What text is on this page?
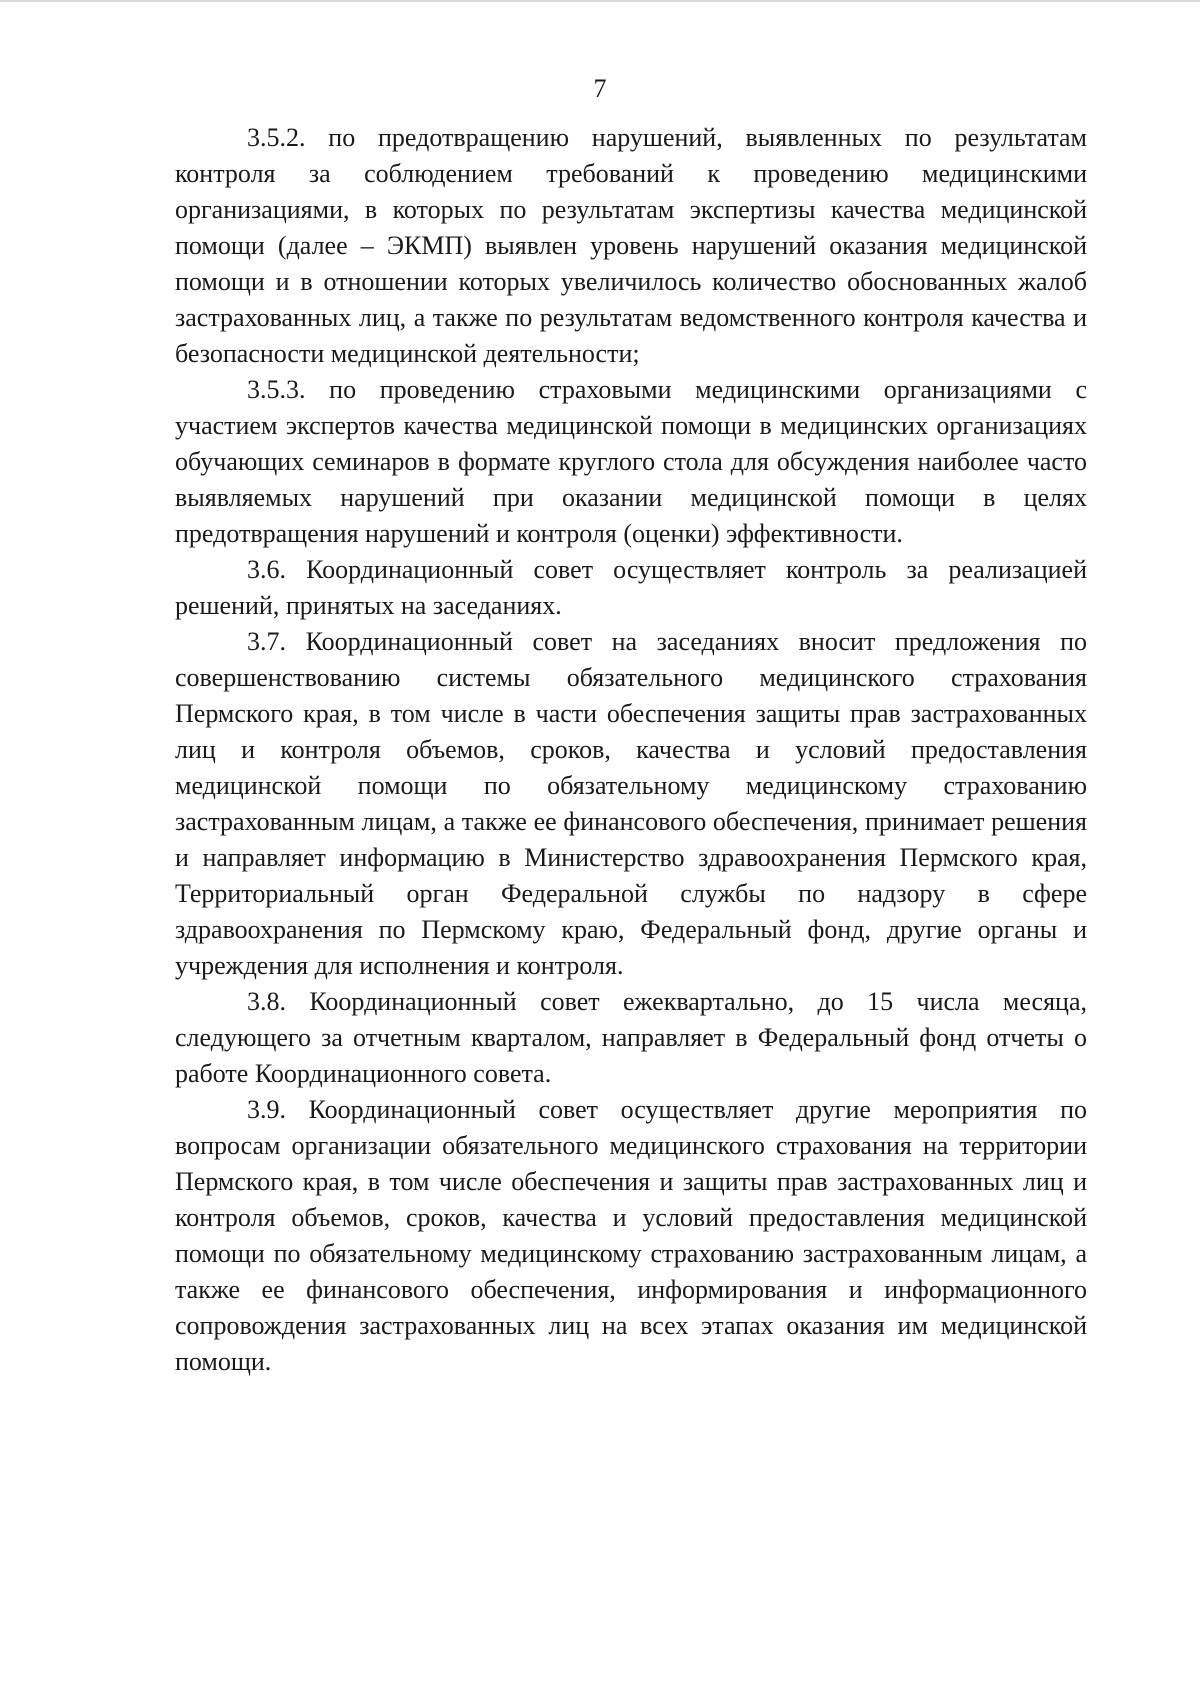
7

3.5.2. по предотвращению нарушений, выявленных по результатам контроля за соблюдением требований к проведению медицинскими организациями, в которых по результатам экспертизы качества медицинской помощи (далее – ЭКМП) выявлен уровень нарушений оказания медицинской помощи и в отношении которых увеличилось количество обоснованных жалоб застрахованных лиц, а также по результатам ведомственного контроля качества и безопасности медицинской деятельности;

3.5.3. по проведению страховыми медицинскими организациями с участием экспертов качества медицинской помощи в медицинских организациях обучающих семинаров в формате круглого стола для обсуждения наиболее часто выявляемых нарушений при оказании медицинской помощи в целях предотвращения нарушений и контроля (оценки) эффективности.

3.6. Координационный совет осуществляет контроль за реализацией решений, принятых на заседаниях.

3.7. Координационный совет на заседаниях вносит предложения по совершенствованию системы обязательного медицинского страхования Пермского края, в том числе в части обеспечения защиты прав застрахованных лиц и контроля объемов, сроков, качества и условий предоставления медицинской помощи по обязательному медицинскому страхованию застрахованным лицам, а также ее финансового обеспечения, принимает решения и направляет информацию в Министерство здравоохранения Пермского края, Территориальный орган Федеральной службы по надзору в сфере здравоохранения по Пермскому краю, Федеральный фонд, другие органы и учреждения для исполнения и контроля.

3.8. Координационный совет ежеквартально, до 15 числа месяца, следующего за отчетным кварталом, направляет в Федеральный фонд отчеты о работе Координационного совета.

3.9. Координационный совет осуществляет другие мероприятия по вопросам организации обязательного медицинского страхования на территории Пермского края, в том числе обеспечения и защиты прав застрахованных лиц и контроля объемов, сроков, качества и условий предоставления медицинской помощи по обязательному медицинскому страхованию застрахованным лицам, а также ее финансового обеспечения, информирования и информационного сопровождения застрахованных лиц на всех этапах оказания им медицинской помощи.
